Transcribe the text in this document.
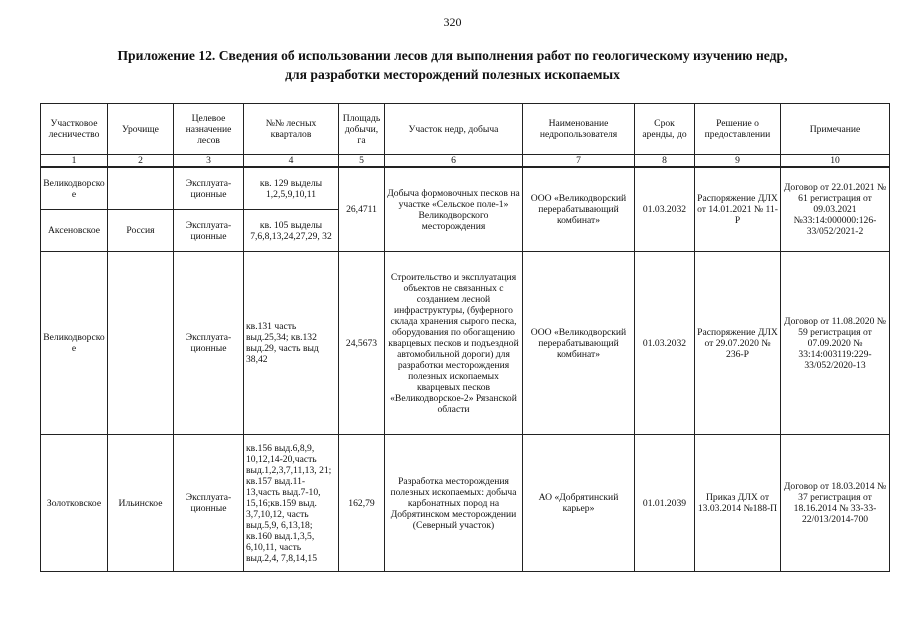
320
Приложение 12. Сведения об использовании лесов для выполнения работ по геологическому изучению недр,
для разработки месторождений полезных ископаемых
Участковое лесничество	Урочище	Целевое назначение лесов	№№ лесных кварталов	Площадь добычи, га	Участок недр, добыча	Наименование недропользователя	Срок аренды, до	Решение о предоставлении	Примечание
1	2	3	4	5	6	7	8	9	10
Великодворское		Эксплуата-ционные	кв. 129 выделы 1,2,5,9,10,11	26,4711	Добыча формовочных песков на участке «Сельское поле-1» Великодворского месторождения	ООО «Великодворский перерабатывающий комбинат»	01.03.2032	Распоряжение ДЛХ от 14.01.2021 № 11-Р	Договор от 22.01.2021 № 61 регистрация от 09.03.2021 №33:14:000000:126-33/052/2021-2
Аксеновское	Россия	Эксплуата-ционные	кв. 105 выделы 7,6,8,13,24,27,29, 32						
Великодворское		Эксплуата-ционные	кв.131 часть выд.25,34; кв.132 выд.29, часть выд 38,42	24,5673	Строительство и эксплуатация объектов не связанных с созданием лесной инфраструктуры, (буферного склада хранения сырого песка, оборудования по обогащению кварцевых песков и подъездной автомобильной дороги) для разработки месторождения полезных ископаемых кварцевых песков «Великодворское-2» Рязанской области	ООО «Великодворский перерабатывающий комбинат»	01.03.2032	Распоряжение ДЛХ от 29.07.2020 № 236-Р	Договор от 11.08.2020 № 59 регистрация от 07.09.2020 № 33:14:003119:229-33/052/2020-13
Золотковское	Ильинское	Эксплуата-ционные	кв.156 выд.6,8,9, 10,12,14-20,часть выд.1,2,3,7,11,13, 21; кв.157 выд.11-13,часть выд.7-10, 15,16;кв.159 выд. 3,7,10,12, часть выд.5,9, 6,13,18; кв.160 выд.1,3,5, 6,10,11, часть выд.2,4, 7,8,14,15	162,79	Разработка месторождения полезных ископаемых: добыча карбонатных пород на Добрятинском месторождении (Северный участок)	АО «Добрятинский карьер»	01.01.2039	Приказ ДЛХ от 13.03.2014 №188-П	Договор от 18.03.2014 № 37 регистрация от 18.16.2014 № 33-33-22/013/2014-700
